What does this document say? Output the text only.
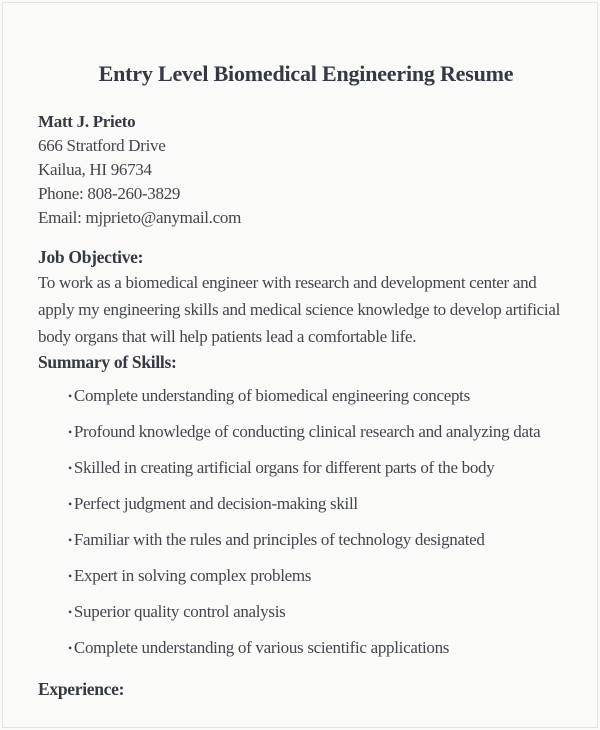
Entry Level Biomedical Engineering Resume
Matt J. Prieto
666 Stratford Drive
Kailua, HI 96734
Phone: 808-260-3829
Email: mjprieto@anymail.com
Job Objective:

To work as a biomedical engineer with research and development center and apply my engineering skills and medical science knowledge to develop artificial body organs that will help patients lead a comfortable life.

Summary of Skills:
• Complete understanding of biomedical engineering concepts
• Profound knowledge of conducting clinical research and analyzing data
• Skilled in creating artificial organs for different parts of the body
• Perfect judgment and decision-making skill
• Familiar with the rules and principles of technology designated
• Expert in solving complex problems
• Superior quality control analysis
• Complete understanding of various scientific applications
Experience:
